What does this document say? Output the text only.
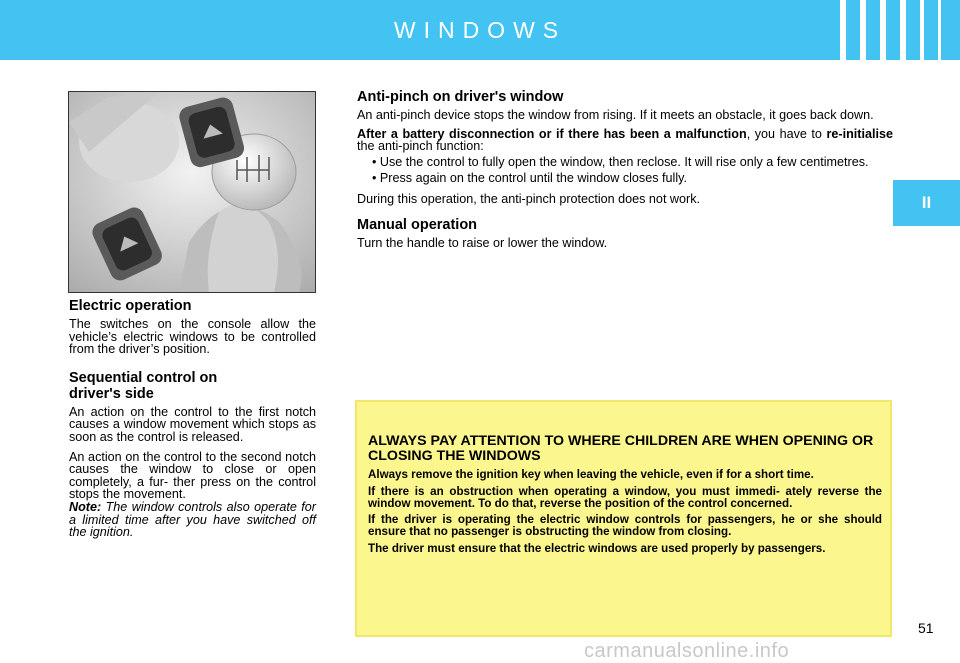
WINDOWS
II
Electric operation

The switches on the console allow the vehicle’s electric windows to be controlled from the driver’s position.

Sequential control on driver's side

An action on the control to the first notch causes a window movement which stops as soon as the control is released.

An action on the control to the second notch causes the window to close or open completely, a fur- ther press on the control stops the movement.

Note: The window controls also operate for a limited time after you have switched off the ignition.

Anti-pinch on driver's window

An anti-pinch device stops the window from rising. If it meets an obstacle, it goes back down.

After a battery disconnection or if there has been a malfunction, you have to re-initialise the anti-pinch function:

• Use the control to fully open the window, then reclose. It will rise only a few centimetres.

• Press again on the control until the window closes fully.

During this operation, the anti-pinch protection does not work.

Manual operation

Turn the handle to raise or lower the window.

ALWAYS PAY ATTENTION TO WHERE CHILDREN ARE WHEN OPENING OR CLOSING THE WINDOWS

Always remove the ignition key when leaving the vehicle, even if for a short time.

If there is an obstruction when operating a window, you must immedi- ately reverse the window movement. To do that, reverse the position of the control concerned.

If the driver is operating the electric window controls for passengers, he or she should ensure that no passenger is obstructing the window from closing.

The driver must ensure that the electric windows are used properly by passengers.

51
carmanualsonline.info
